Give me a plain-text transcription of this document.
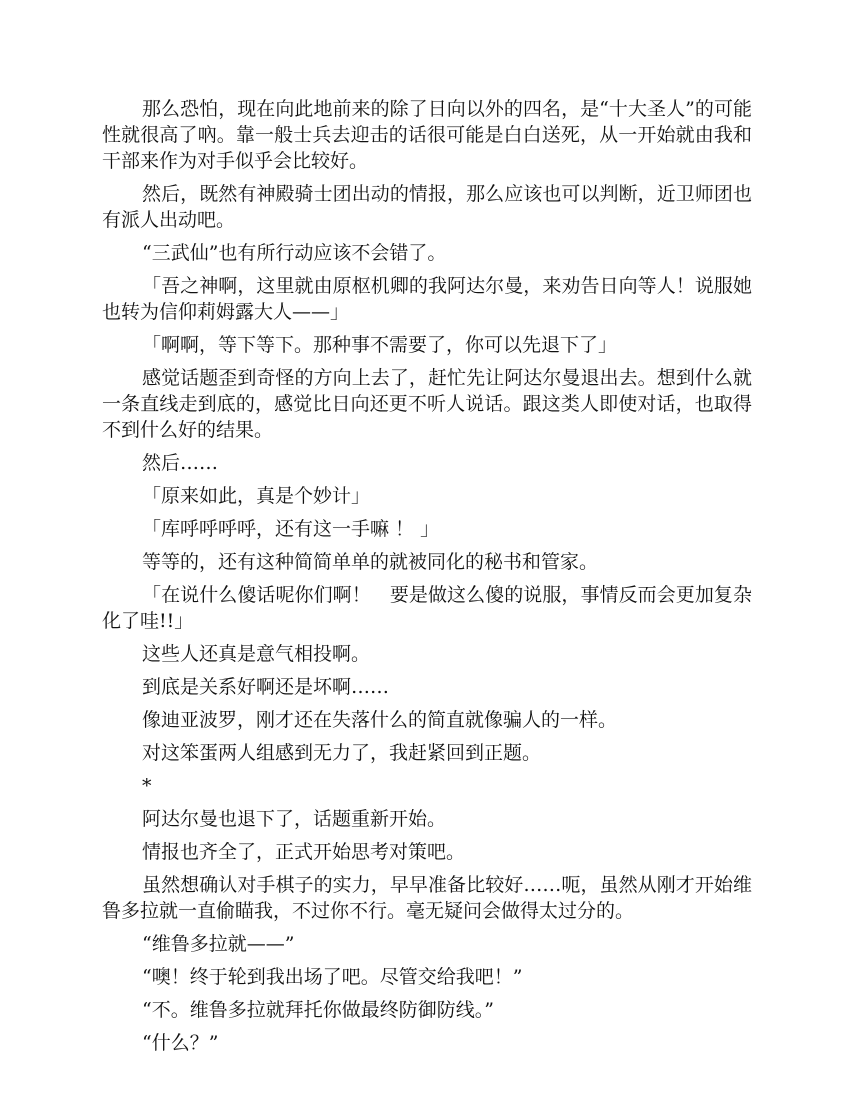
那么恐怕，现在向此地前来的除了日向以外的四名，是“十大圣人”的可能性就很高了吶。靠一般士兵去迎击的话很可能是白白送死，从一开始就由我和干部来作为对手似乎会比较好。

然后，既然有神殿骑士团出动的情报，那么应该也可以判断，近卫师团也有派人出动吧。

“三武仙”也有所行动应该不会错了。

「吾之神啊，这里就由原枢机卿的我阿达尔曼，来劝告日向等人！说服她也转为信仰莉姆露大人——」

「啊啊，等下等下。那种事不需要了，你可以先退下了」

感觉话题歪到奇怪的方向上去了，赶忙先让阿达尔曼退出去。想到什么就一条直线走到底的，感觉比日向还更不听人说话。跟这类人即使对话，也取得不到什么好的结果。

然后……

「原来如此，真是个妙计」

「库呼呼呼呼，还有这一手嘛 ！ 」

等等的，还有这种简简单单的就被同化的秘书和管家。

「在说什么傻话呢你们啊！　要是做这么傻的说服，事情反而会更加复杂化了哇!!」

这些人还真是意气相投啊。

到底是关系好啊还是坏啊……

像迪亚波罗，刚才还在失落什么的简直就像骗人的一样。

对这笨蛋两人组感到无力了，我赶紧回到正题。

*

阿达尔曼也退下了，话题重新开始。

情报也齐全了，正式开始思考对策吧。

虽然想确认对手棋子的实力，早早准备比较好……呃，虽然从刚才开始维鲁多拉就一直偷瞄我，不过你不行。毫无疑问会做得太过分的。

“维鲁多拉就——”

“噢！终于轮到我出场了吧。尽管交给我吧！”

“不。维鲁多拉就拜托你做最终防御防线。”

“什么？”
